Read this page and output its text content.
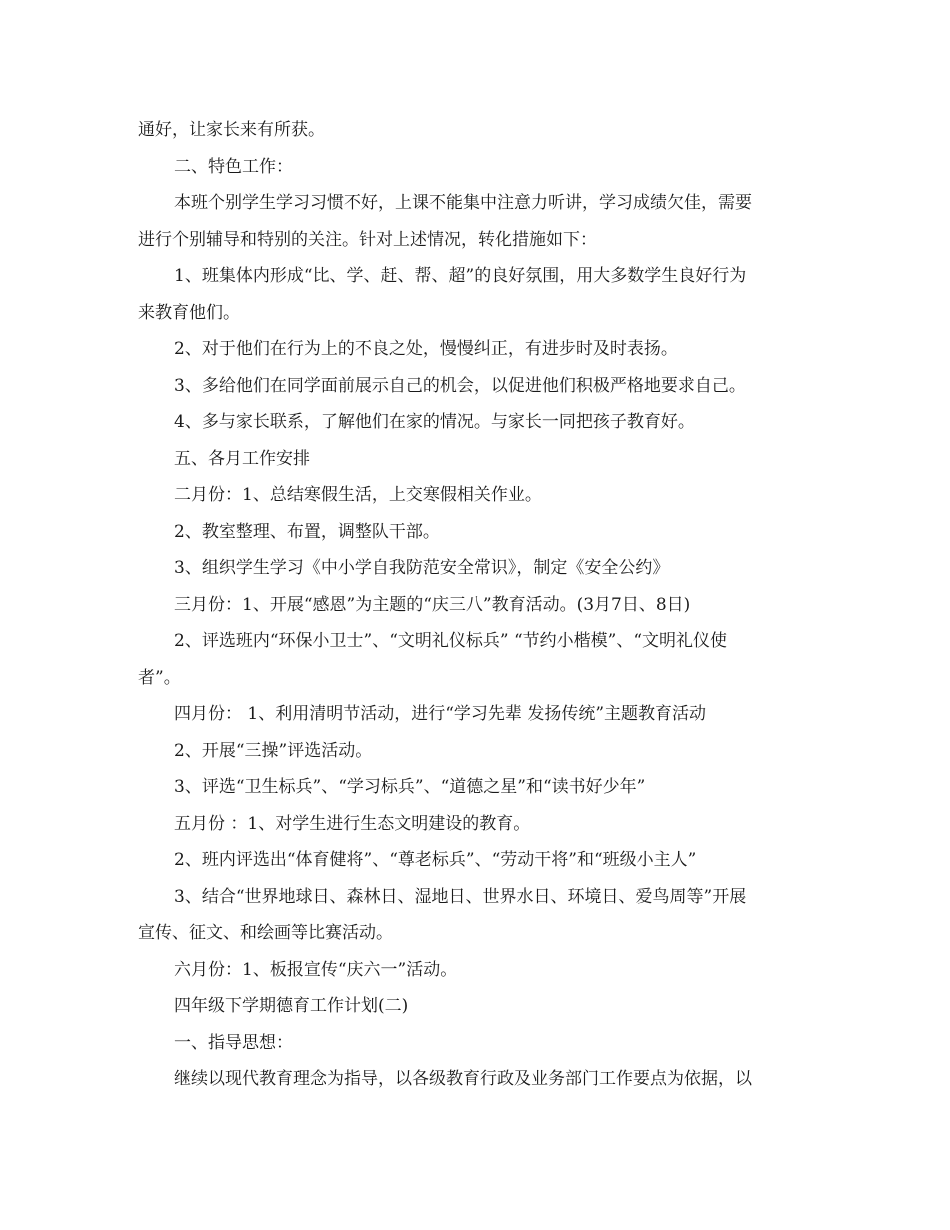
通好，让家长来有所获。
二、特色工作：
本班个别学生学习习惯不好，上课不能集中注意力听讲，学习成绩欠佳，需要
进行个别辅导和特别的关注。针对上述情况，转化措施如下：
1、班集体内形成“比、学、赶、帮、超”的良好氛围，用大多数学生良好行为
来教育他们。
2、对于他们在行为上的不良之处，慢慢纠正，有进步时及时表扬。
3、多给他们在同学面前展示自己的机会，以促进他们积极严格地要求自己。
4、多与家长联系，了解他们在家的情况。与家长一同把孩子教育好。
五、各月工作安排
二月份：1、总结寒假生活，上交寒假相关作业。
2、教室整理、布置，调整队干部。
3、组织学生学习《中小学自我防范安全常识》，制定《安全公约》
三月份：1、开展“感恩”为主题的“庆三八”教育活动。(3月7日、8日)
2、评选班内“环保小卫士”、“文明礼仪标兵” “节约小楷模”、“文明礼仪使
者”。
四月份： 1、利用清明节活动，进行“学习先辈 发扬传统”主题教育活动
2、开展“三操”评选活动。
3、评选“卫生标兵”、“学习标兵”、“道德之星”和“读书好少年”
五月份 ：1、对学生进行生态文明建设的教育。
2、班内评选出“体育健将”、“尊老标兵”、“劳动干将”和“班级小主人”
3、结合“世界地球日、森林日、湿地日、世界水日、环境日、爱鸟周等”开展
宣传、征文、和绘画等比赛活动。
六月份：1、板报宣传“庆六一”活动。
四年级下学期德育工作计划(二)
一、指导思想：
继续以现代教育理念为指导，以各级教育行政及业务部门工作要点为依据，以
